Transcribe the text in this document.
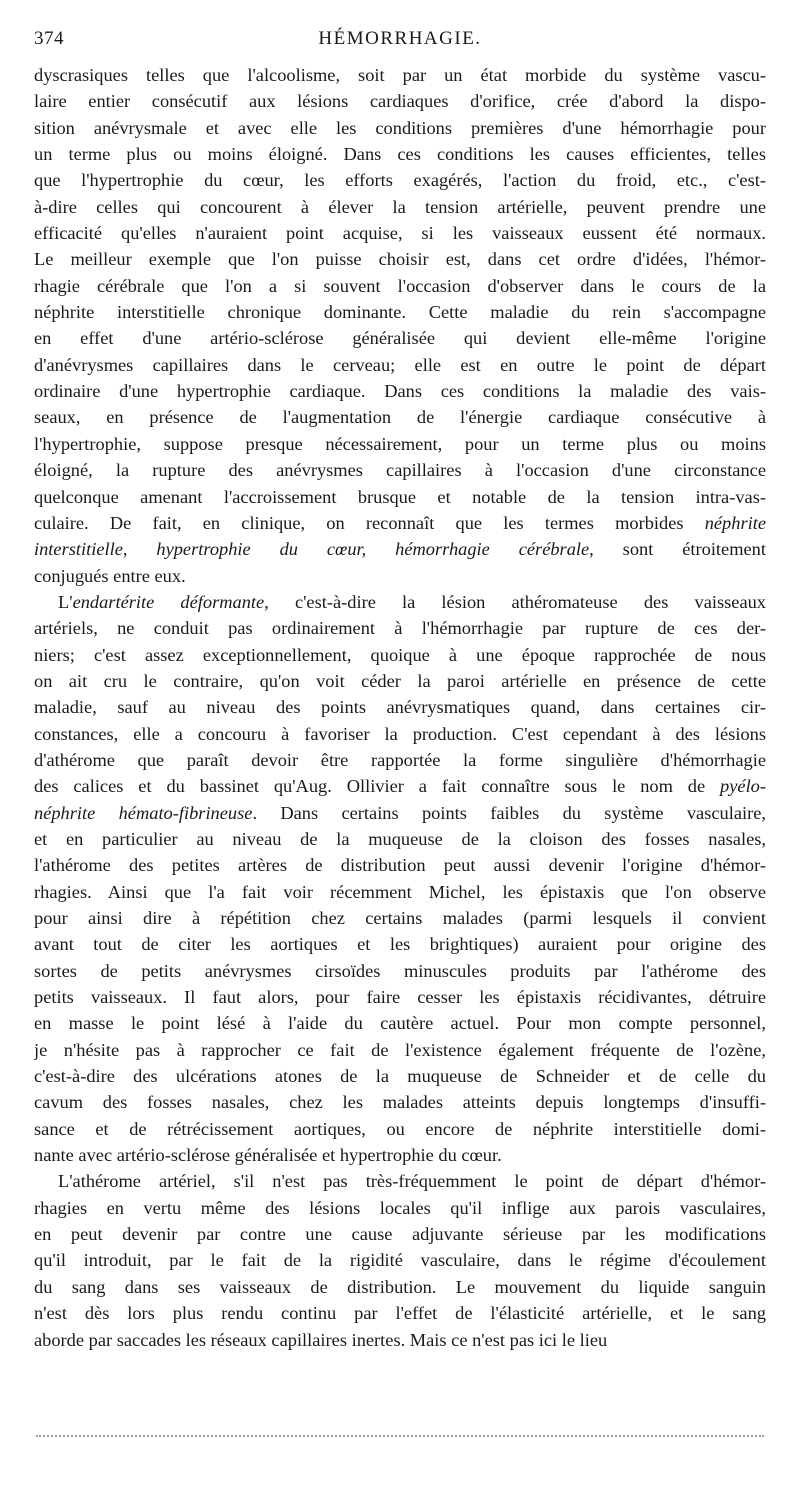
374	HÉMORRHAGIE.
dyscrasiques telles que l'alcoolisme, soit par un état morbide du système vascu-
laire entier consécutif aux lésions cardiaques d'orifice, crée d'abord la dispo-
sition anévrysmale et avec elle les conditions premières d'une hémorrhagie pour
un terme plus ou moins éloigné. Dans ces conditions les causes efficientes, telles
que l'hypertrophie du cœur, les efforts exagérés, l'action du froid, etc., c'est-
à-dire celles qui concourent à élever la tension artérielle, peuvent prendre une
efficacité qu'elles n'auraient point acquise, si les vaisseaux eussent été normaux.
Le meilleur exemple que l'on puisse choisir est, dans cet ordre d'idées, l'hémor-
rhagie cérébrale que l'on a si souvent l'occasion d'observer dans le cours de la
néphrite interstitielle chronique dominante. Cette maladie du rein s'accompagne
en effet d'une artério-sclérose généralisée qui devient elle-même l'origine
d'anévrysmes capillaires dans le cerveau; elle est en outre le point de départ
ordinaire d'une hypertrophie cardiaque. Dans ces conditions la maladie des vais-
seaux, en présence de l'augmentation de l'énergie cardiaque consécutive à
l'hypertrophie, suppose presque nécessairement, pour un terme plus ou moins
éloigné, la rupture des anévrysmes capillaires à l'occasion d'une circonstance
quelconque amenant l'accroissement brusque et notable de la tension intra-vas-
culaire. De fait, en clinique, on reconnaît que les termes morbides néphrite
interstitielle, hypertrophie du cœur, hémorrhagie cérébrale, sont étroitement
conjugués entre eux.
L'endartérite déformante, c'est-à-dire la lésion athéromateuse des vaisseaux
artériels, ne conduit pas ordinairement à l'hémorrhagie par rupture de ces der-
niers; c'est assez exceptionnellement, quoique à une époque rapprochée de nous
on ait cru le contraire, qu'on voit céder la paroi artérielle en présence de cette
maladie, sauf au niveau des points anévrysmatiques quand, dans certaines cir-
constances, elle a concouru à favoriser la production. C'est cependant à des lésions
d'athérome que paraît devoir être rapportée la forme singulière d'hémorrhagie
des calices et du bassinet qu'Aug. Ollivier a fait connaître sous le nom de pyélo-
néphrite hémato-fibrineuse. Dans certains points faibles du système vasculaire,
et en particulier au niveau de la muqueuse de la cloison des fosses nasales,
l'athérome des petites artères de distribution peut aussi devenir l'origine d'hémor-
rhagies. Ainsi que l'a fait voir récemment Michel, les épistaxis que l'on observe
pour ainsi dire à répétition chez certains malades (parmi lesquels il convient
avant tout de citer les aortiques et les brightiques) auraient pour origine des
sortes de petits anévrysmes cirsoïdes minuscules produits par l'athérome des
petits vaisseaux. Il faut alors, pour faire cesser les épistaxis récidivantes, détruire
en masse le point lésé à l'aide du cautère actuel. Pour mon compte personnel,
je n'hésite pas à rapprocher ce fait de l'existence également fréquente de l'ozène,
c'est-à-dire des ulcérations atones de la muqueuse de Schneider et de celle du
cavum des fosses nasales, chez les malades atteints depuis longtemps d'insuffi-
sance et de rétrécissement aortiques, ou encore de néphrite interstitielle domi-
nante avec artério-sclérose généralisée et hypertrophie du cœur.
L'athérome artériel, s'il n'est pas très-fréquemment le point de départ d'hémor-
rhagies en vertu même des lésions locales qu'il inflige aux parois vasculaires,
en peut devenir par contre une cause adjuvante sérieuse par les modifications
qu'il introduit, par le fait de la rigidité vasculaire, dans le régime d'écoulement
du sang dans ses vaisseaux de distribution. Le mouvement du liquide sanguin
n'est dès lors plus rendu continu par l'effet de l'élasticité artérielle, et le sang
aborde par saccades les réseaux capillaires inertes. Mais ce n'est pas ici le lieu
